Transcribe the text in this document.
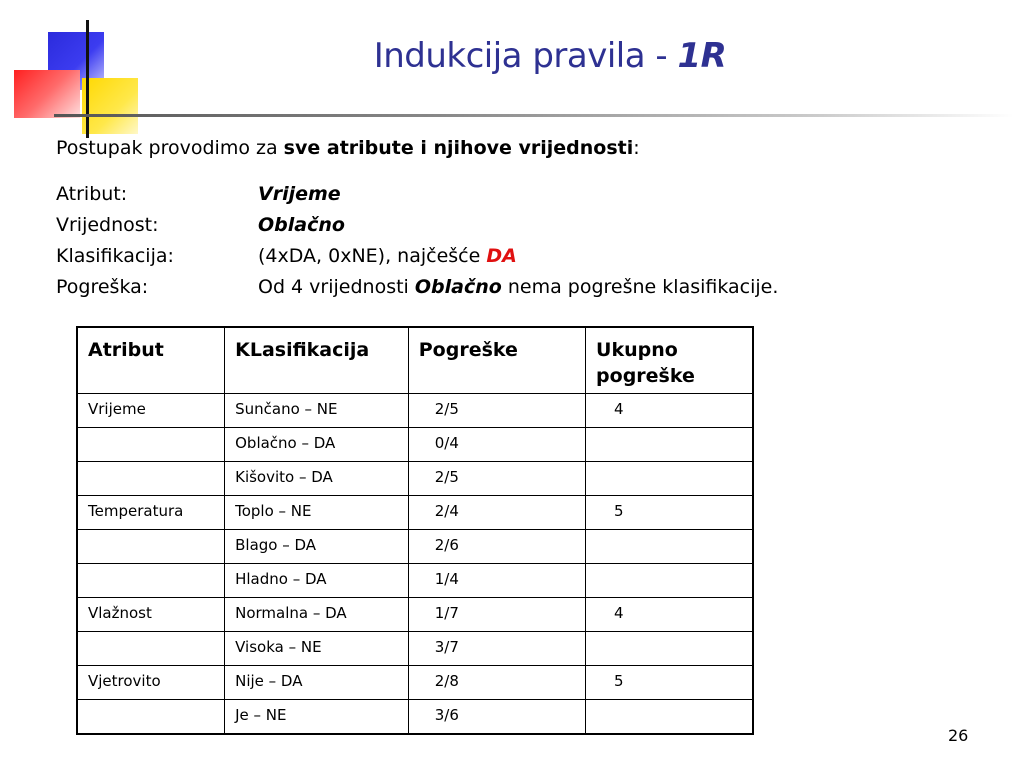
Indukcija pravila - 1R
Postupak provodimo za sve atribute i njihove vrijednosti:
Atribut:	Vrijeme
Vrijednost:	Oblačno
Klasifikacija:	(4xDA, 0xNE), najčešće DA
Pogreška:	Od 4 vrijednosti Oblačno nema pogrešne klasifikacije.
Atribut	KLasifikacija	Pogreške	Ukupno pogreške
Vrijeme	Sunčano – NE	2/5	4
	Oblačno – DA	0/4	
	Kišovito – DA	2/5	
Temperatura	Toplo – NE	2/4	5
	Blago – DA	2/6	
	Hladno – DA	1/4	
Vlažnost	Normalna – DA	1/7	4
	Visoka – NE	3/7	
Vjetrovito	Nije – DA	2/8	5
	Je – NE	3/6	
26
